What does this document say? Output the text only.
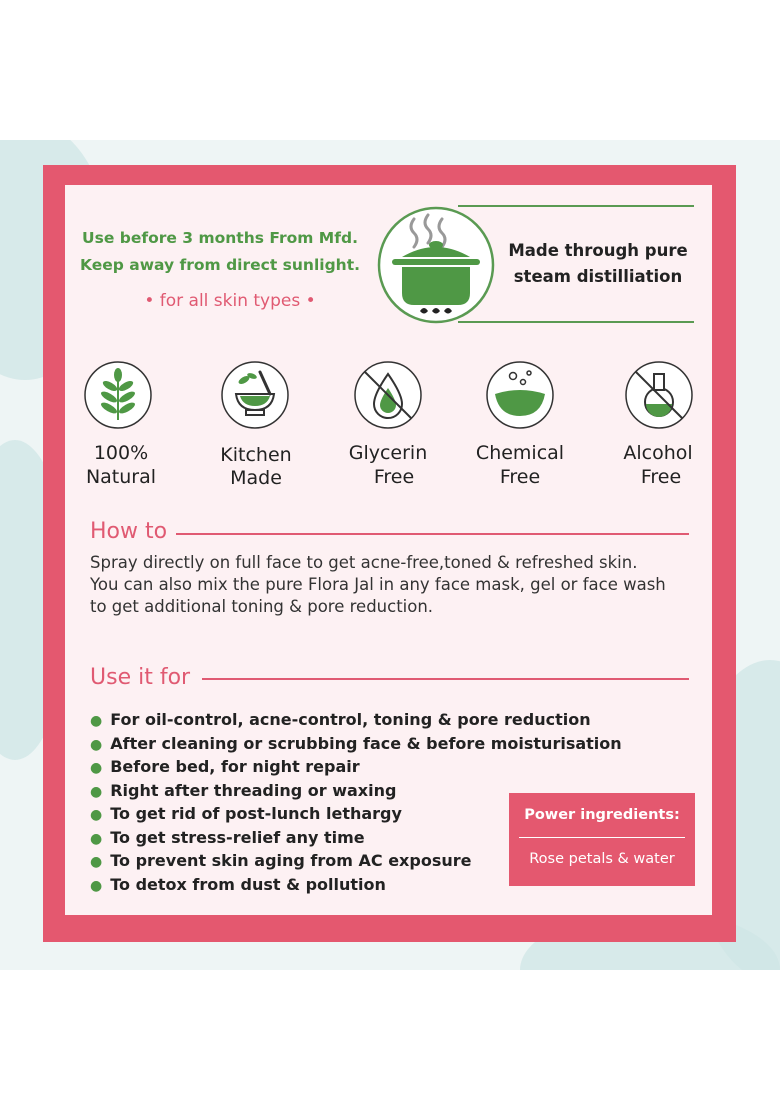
Use before 3 months From Mfd.
Keep away from direct sunlight.
• for all skin types •
Made through pure
steam distilliation
100%
Natural
Kitchen
Made
Glycerin
Free
Chemical
Free
Alcohol
Free
How to
Spray directly on full face to get acne-free,toned & refreshed skin.
You can also mix the pure Flora Jal in any face mask, gel or face wash
to get additional toning & pore reduction.
Use it for
● For oil-control, acne-control, toning & pore reduction
● After cleaning or scrubbing face & before moisturisation
● Before bed, for night repair
● Right after threading or waxing
● To get rid of post-lunch lethargy
● To get stress-relief any time
● To prevent skin aging from AC exposure
● To detox from dust & pollution
Power ingredients:
Rose petals & water
